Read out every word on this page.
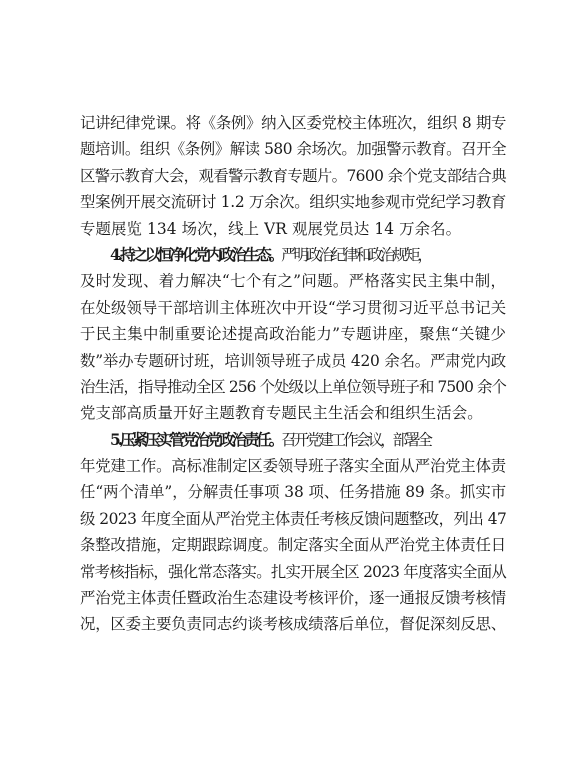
记讲纪律党课。将《条例》纳入区委党校主体班次，组织 8 期专
题培训。组织《条例》解读 580 余场次。加强警示教育。召开全
区警示教育大会，观看警示教育专题片。7600 余个党支部结合典
型案例开展交流研讨 1.2 万余次。组织实地参观市党纪学习教育
专题展览 134 场次，线上 VR 观展党员达 14 万余名。
4.持之以恒净化党内政治生态。严明政治纪律和政治规矩，
及时发现、着力解决“七个有之”问题。严格落实民主集中制，
在处级领导干部培训主体班次中开设“学习贯彻习近平总书记关
于民主集中制重要论述提高政治能力”专题讲座，聚焦“关键少
数”举办专题研讨班，培训领导班子成员 420 余名。严肃党内政
治生活，指导推动全区 256 个处级以上单位领导班子和 7500 余个
党支部高质量开好主题教育专题民主生活会和组织生活会。
5.压紧压实管党治党政治责任。召开党建工作会议，部署全
年党建工作。高标准制定区委领导班子落实全面从严治党主体责
任“两个清单”，分解责任事项 38 项、任务措施 89 条。抓实市
级 2023 年度全面从严治党主体责任考核反馈问题整改，列出 47
条整改措施，定期跟踪调度。制定落实全面从严治党主体责任日
常考核指标，强化常态落实。扎实开展全区 2023 年度落实全面从
严治党主体责任暨政治生态建设考核评价，逐一通报反馈考核情
况，区委主要负责同志约谈考核成绩落后单位，督促深刻反思、
